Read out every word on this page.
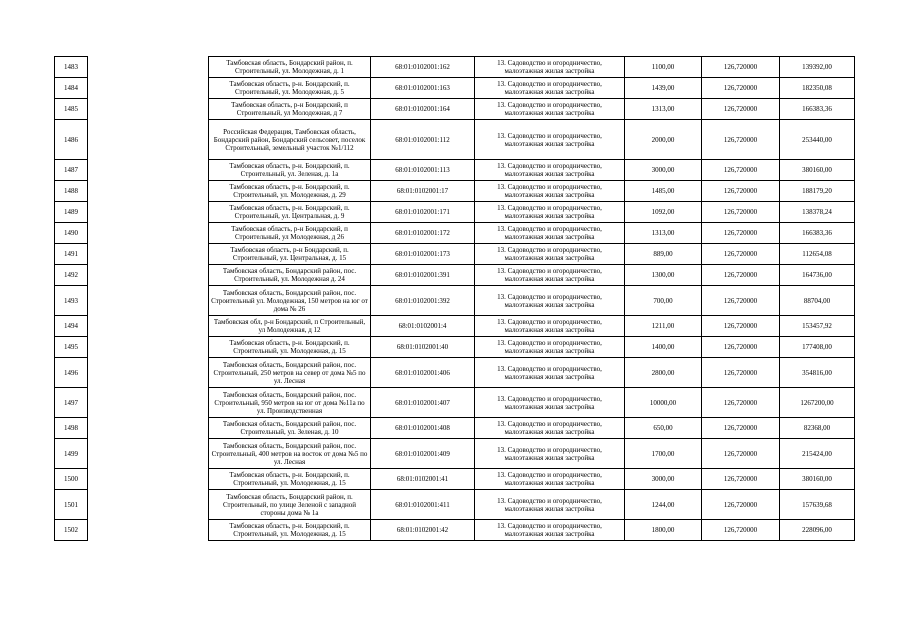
1483		Тамбовская область, Бондарский район, п. Строительный, ул. Молодежная, д. 1	68:01:0102001:162	13. Садоводство и огородничество, малоэтажная жилая застройка	1100,00	126,720000	139392,00
1484		Тамбовская область, р-н. Бондарский, п. Строительный, ул. Молодежная, д. 5	68:01:0102001:163	13. Садоводство и огородничество, малоэтажная жилая застройка	1439,00	126,720000	182350,08
1485		Тамбовская область, р-н Бондарский, п Строительный, ул Молодежная, д 7	68:01:0102001:164	13. Садоводство и огородничество, малоэтажная жилая застройка	1313,00	126,720000	166383,36
1486		Российская Федерация, Тамбовская область, Бондарский район, Бондарский сельсовет, поселок Строительный, земельный участок №1/112	68:01:0102001:112	13. Садоводство и огородничество, малоэтажная жилая застройка	2000,00	126,720000	253440,00
1487		Тамбовская область, р-н. Бондарский, п. Строительный, ул. Зеленая, д. 1а	68:01:0102001:113	13. Садоводство и огородничество, малоэтажная жилая застройка	3000,00	126,720000	380160,00
1488		Тамбовская область, р-н. Бондарский, п. Строительный, ул. Молодежная, д. 29	68:01:0102001:17	13. Садоводство и огородничество, малоэтажная жилая застройка	1485,00	126,720000	188179,20
1489		Тамбовская область, р-н. Бондарский, п. Строительный, ул. Центральная, д. 9	68:01:0102001:171	13. Садоводство и огородничество, малоэтажная жилая застройка	1092,00	126,720000	138378,24
1490		Тамбовская область, р-н Бондарский, п Строительный, ул Молодежная, д 26	68:01:0102001:172	13. Садоводство и огородничество, малоэтажная жилая застройка	1313,00	126,720000	166383,36
1491		Тамбовская область, р-н Бондарский, п. Строительный, ул. Центральная, д. 15	68:01:0102001:173	13. Садоводство и огородничество, малоэтажная жилая застройка	889,00	126,720000	112654,08
1492		Тамбовская область, Бондарский район, пос. Строительный, ул. Молодежная д. 24	68:01:0102001:391	13. Садоводство и огородничество, малоэтажная жилая застройка	1300,00	126,720000	164736,00
1493		Тамбовская область, Бондарский район, пос. Строительный ул. Молодежная, 150 метров на юг от дома № 26	68:01:0102001:392	13. Садоводство и огородничество, малоэтажная жилая застройка	700,00	126,720000	88704,00
1494		Тамбовская обл, р-н Бондарский, п Строительный, ул Молодежная, д 12	68:01:0102001:4	13. Садоводство и огородничество, малоэтажная жилая застройка	1211,00	126,720000	153457,92
1495		Тамбовская область, р-н. Бондарский, п. Строительный, ул. Молодежная, д. 15	68:01:0102001:40	13. Садоводство и огородничество, малоэтажная жилая застройка	1400,00	126,720000	177408,00
1496		Тамбовская область, Бондарский район, пос. Строительный, 250 метров на север от дома №5 по ул. Лесная	68:01:0102001:406	13. Садоводство и огородничество, малоэтажная жилая застройка	2800,00	126,720000	354816,00
1497		Тамбовская область, Бондарский район, пос. Строительный, 950 метров на юг от дома №11а по ул. Производственная	68:01:0102001:407	13. Садоводство и огородничество, малоэтажная жилая застройка	10000,00	126,720000	1267200,00
1498		Тамбовская область, Бондарский район, пос. Строительный, ул. Зеленая, д. 10	68:01:0102001:408	13. Садоводство и огородничество, малоэтажная жилая застройка	650,00	126,720000	82368,00
1499		Тамбовская область, Бондарский район, пос. Строительный, 400 метров на восток от дома №5 по ул. Лесная	68:01:0102001:409	13. Садоводство и огородничество, малоэтажная жилая застройка	1700,00	126,720000	215424,00
1500		Тамбовская область, р-н. Бондарский, п. Строительный, ул. Молодежная, д. 15	68:01:0102001:41	13. Садоводство и огородничество, малоэтажная жилая застройка	3000,00	126,720000	380160,00
1501		Тамбовская область, Бондарский район, п. Строительный, по улице Зеленой с западной стороны дома № 1а	68:01:0102001:411	13. Садоводство и огородничество, малоэтажная жилая застройка	1244,00	126,720000	157639,68
1502		Тамбовская область, р-н. Бондарский, п. Строительный, ул. Молодежная, д. 15	68:01:0102001:42	13. Садоводство и огородничество, малоэтажная жилая застройка	1800,00	126,720000	228096,00
